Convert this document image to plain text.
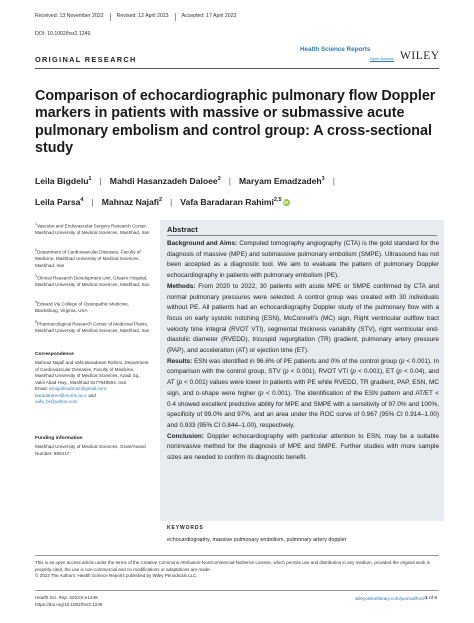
Received: 13 November 2022	Revised: 12 April 2023	Accepted: 17 April 2023
DOI: 10.1002/hsr2.1249
ORIGINAL RESEARCH
Health Science Reports
Open Access WILEY
Comparison of echocardiographic pulmonary flow Doppler markers in patients with massive or submassive acute pulmonary embolism and control group: A cross-sectional study
Leila Bigdelu$^1$ | Mahdi Hasanzadeh Daloee$^2$ | Maryam Emadzadeh$^3$ |
Leila Parsa$^4$ | Mahnaz Najafi$^2$ | Vafa Baradaran Rahimi$^{2,5}$ iD
$^1$Vascular and Endovascular Surgery Research Center, Mashhad University of Medical Sciences, Mashhad, Iran
$^2$Department of Cardiovascular Diseases, Faculty of Medicine, Mashhad University of Medical Sciences, Mashhad, Iran
$^3$Clinical Research Development Unit, Ghaem Hospital, Mashhad University of Medical Sciences, Mashhad, Iran
$^4$Edward Via College of Osteopathic Medicine, Blacksburg, Virginia, USA
$^5$Pharmacological Research Center of Medicinal Plants, Mashhad University of Medical Sciences, Mashhad, Iran
Correspondence
Mahnaz Najafi and Vafa Baradaran Rahimi, Department of Cardiovascular Diseases, Faculty of Medicine, Mashhad University of Medical Sciences, Azadi Sq., Vakil Abad Hwy., Mashhad 9177948564, Iran.
Email: drnajafimahnaz@gmail.com;
baradaranrv@mums.ac.ir and
vafa_br@yahoo.com
Funding information
Mashhad University of Medical Sciences, Grant/Award Number: 990417
Abstract

Background and Aims: Computed tomography angiography (CTA) is the gold standard for the diagnosis of massive (MPE) and submassive pulmonary embolism (SMPE). Ultrasound has not been accepted as a diagnostic tool. We aim to evaluate the pattern of pulmonary Doppler echocardiography in patients with pulmonary embolism (PE).

Methods: From 2020 to 2022, 30 patients with acute MPE or SMPE confirmed by CTA and normal pulmonary pressures were selected. A control group was created with 30 individuals without PE. All patients had an echocardiography Doppler study of the pulmonary flow with a focus on early systolic notching (ESN), McConnell's (MC) sign, Right ventricular outflow tract velocity time integral (RVOT VTI), segmental thickness variability (STV), right ventricular end-diastolic diameter (RVEDD), tricuspid regurgitation (TR) gradient, pulmonary artery pressure (PAP), and acceleration (AT) or ejection time (ET).

Results: ESN was identified in 96.6% of PE patients and 0% of the control group (p < 0.001). In comparison with the control group, STV (p < 0.001), RVOT VTI (p < 0.001), ET (p < 0.04), and AT (p < 0.001) values were lower in patients with PE while RVEDD, TR gradient, PAP, ESN, MC sign, and ᴅ-shape were higher (p < 0.001). The identification of the ESN pattern and AT/ET < 0.4 showed excellent predictive ability for MPE and SMPE with a sensitivity of 97.0% and 100%, specificity of 99.0% and 97%, and an area under the ROC curve of 0.967 (95% CI 0.914–1.00) and 0.933 (95% CI 0.844–1.00), respectively.

Conclusion: Doppler echocardiography with particular attention to ESN, may be a suitable noninvasive method for the diagnosis of MPE and SMPE. Further studies with more sample sizes are needed to confirm its diagnostic benefit.

KEYWORDS
echocardiography, massive pulmonary embolism, pulmonary artery doppler
This is an open access article under the terms of the Creative Commons Attribution-NonCommercial-NoDerivs License, which permits use and distribution in any medium, provided the original work is properly cited, the use is non-commercial and no modifications or adaptations are made.
© 2023 The Authors. Health Science Reports published by Wiley Periodicals LLC.
Health Sci. Rep. 2023;6:e1249.
https://doi.org/10.1002/hsr2.1249
wileyonlinelibrary.com/journal/hsr2 1 of 8
